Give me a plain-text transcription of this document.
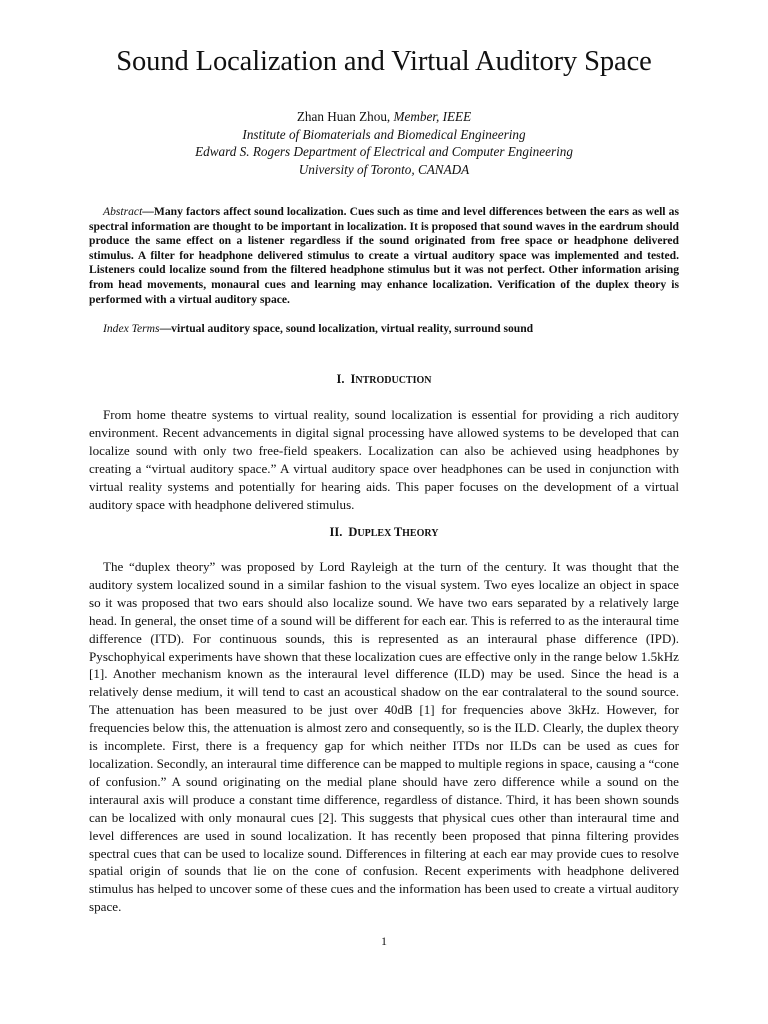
Sound Localization and Virtual Auditory Space
Zhan Huan Zhou, Member, IEEE
Institute of Biomaterials and Biomedical Engineering
Edward S. Rogers Department of Electrical and Computer Engineering
University of Toronto, CANADA
Abstract—Many factors affect sound localization. Cues such as time and level differences between the ears as well as spectral information are thought to be important in localization. It is proposed that sound waves in the eardrum should produce the same effect on a listener regardless if the sound originated from free space or headphone delivered stimulus. A filter for headphone delivered stimulus to create a virtual auditory space was implemented and tested. Listeners could localize sound from the filtered headphone stimulus but it was not perfect. Other information arising from head movements, monaural cues and learning may enhance localization. Verification of the duplex theory is performed with a virtual auditory space.
Index Terms—virtual auditory space, sound localization, virtual reality, surround sound
I. INTRODUCTION
From home theatre systems to virtual reality, sound localization is essential for providing a rich auditory environment. Recent advancements in digital signal processing have allowed systems to be developed that can localize sound with only two free-field speakers. Localization can also be achieved using headphones by creating a “virtual auditory space.” A virtual auditory space over headphones can be used in conjunction with virtual reality systems and potentially for hearing aids. This paper focuses on the development of a virtual auditory space with headphone delivered stimulus.
II. DUPLEX THEORY
The “duplex theory” was proposed by Lord Rayleigh at the turn of the century. It was thought that the auditory system localized sound in a similar fashion to the visual system. Two eyes localize an object in space so it was proposed that two ears should also localize sound. We have two ears separated by a relatively large head. In general, the onset time of a sound will be different for each ear. This is referred to as the interaural time difference (ITD). For continuous sounds, this is represented as an interaural phase difference (IPD). Pyschophyical experiments have shown that these localization cues are effective only in the range below 1.5kHz [1]. Another mechanism known as the interaural level difference (ILD) may be used. Since the head is a relatively dense medium, it will tend to cast an acoustical shadow on the ear contralateral to the sound source. The attenuation has been measured to be just over 40dB [1] for frequencies above 3kHz. However, for frequencies below this, the attenuation is almost zero and consequently, so is the ILD. Clearly, the duplex theory is incomplete. First, there is a frequency gap for which neither ITDs nor ILDs can be used as cues for localization. Secondly, an interaural time difference can be mapped to multiple regions in space, causing a “cone of confusion.” A sound originating on the medial plane should have zero difference while a sound on the interaural axis will produce a constant time difference, regardless of distance. Third, it has been shown sounds can be localized with only monaural cues [2]. This suggests that physical cues other than interaural time and level differences are used in sound localization. It has recently been proposed that pinna filtering provides spectral cues that can be used to localize sound. Differences in filtering at each ear may provide cues to resolve spatial origin of sounds that lie on the cone of confusion. Recent experiments with headphone delivered stimulus has helped to uncover some of these cues and the information has been used to create a virtual auditory space.
1
